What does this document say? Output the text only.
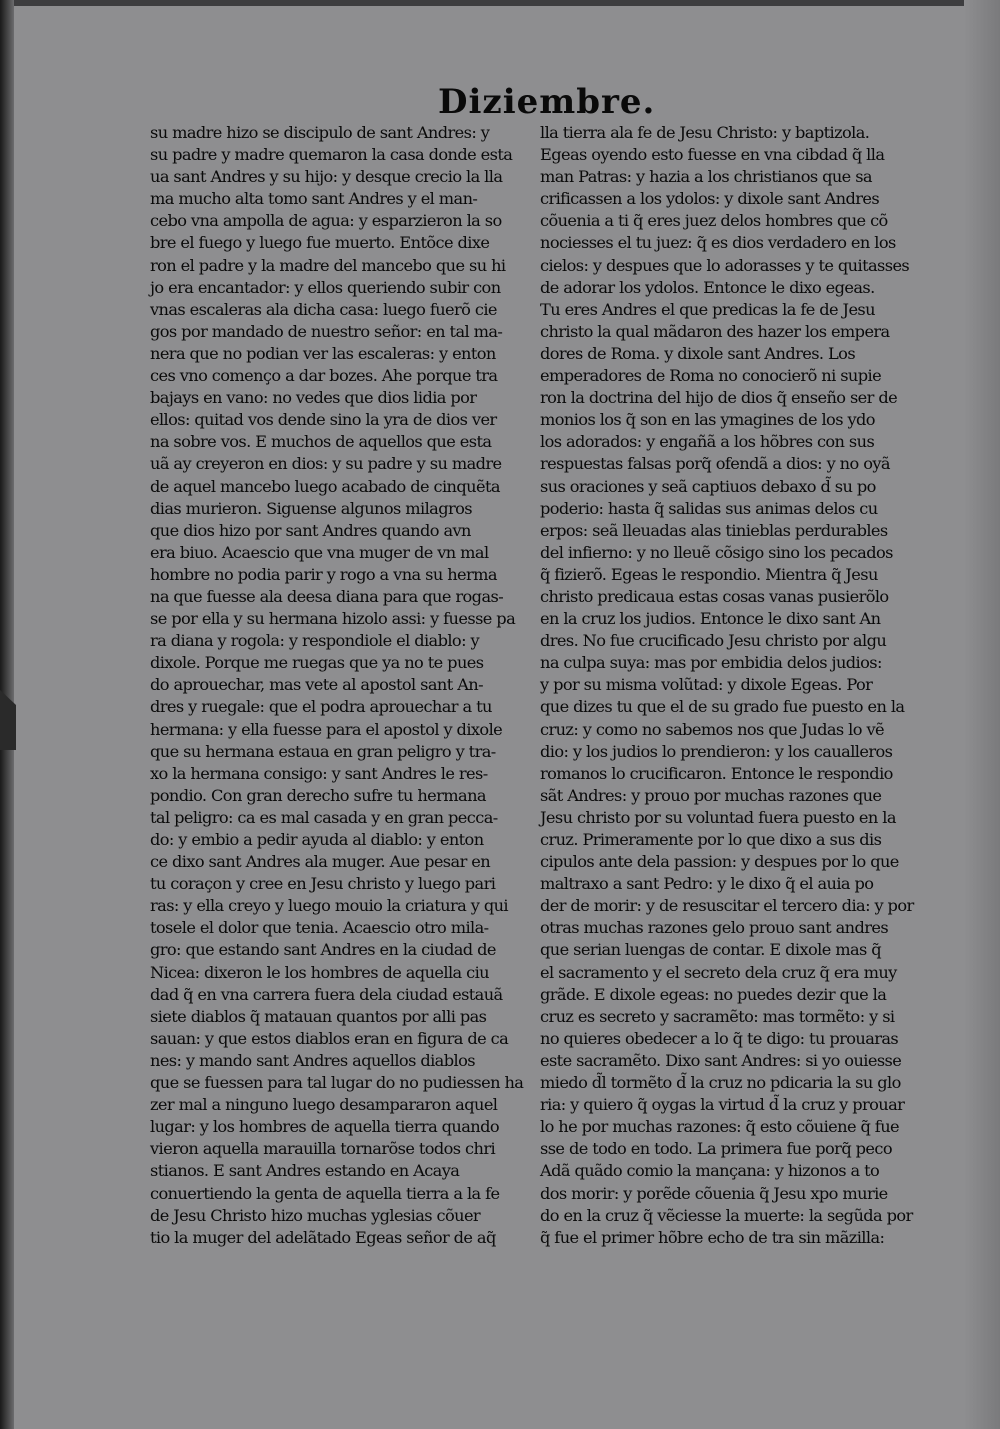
Diziembre.
su madre hizo se discipulo de sant Andres: y
su padre y madre quemaron la casa donde esta
ua sant Andres y su hijo: y desque crecio la lla
ma mucho alta tomo sant Andres y el man-
cebo vna ampolla de agua: y esparzieron la so
bre el fuego y luego fue muerto. Entõce dixe
ron el padre y la madre del mancebo que su hi
jo era encantador: y ellos queriendo subir con
vnas escaleras ala dicha casa: luego fuerõ cie
gos por mandado de nuestro señor: en tal ma-
nera que no podian ver las escaleras: y enton
ces vno començo a dar bozes. Ahe porque tra
bajays en vano: no vedes que dios lidia por
ellos: quitad vos dende sino la yra de dios ver
na sobre vos. E muchos de aquellos que esta
uã ay creyeron en dios: y su padre y su madre
de aquel mancebo luego acabado de cinquẽta
dias murieron. Siguense algunos milagros
que dios hizo por sant Andres quando avn
era biuo. Acaescio que vna muger de vn mal
hombre no podia parir y rogo a vna su herma
na que fuesse ala deesa diana para que rogas-
se por ella y su hermana hizolo assi: y fuesse pa
ra diana y rogola: y respondiole el diablo: y
dixole. Porque me ruegas que ya no te pues
do aprouechar, mas vete al apostol sant An-
dres y ruegale: que el podra aprouechar a tu
hermana: y ella fuesse para el apostol y dixole
que su hermana estaua en gran peligro y tra-
xo la hermana consigo: y sant Andres le res-
pondio. Con gran derecho sufre tu hermana
tal peligro: ca es mal casada y en gran pecca-
do: y embio a pedir ayuda al diablo: y enton
ce dixo sant Andres ala muger. Aue pesar en
tu coraçon y cree en Jesu christo y luego pari
ras: y ella creyo y luego mouio la criatura y qui
tosele el dolor que tenia. Acaescio otro mila-
gro: que estando sant Andres en la ciudad de
Nicea: dixeron le los hombres de aquella ciu
dad q̃ en vna carrera fuera dela ciudad estauã
siete diablos q̃ matauan quantos por alli pas
sauan: y que estos diablos eran en figura de ca
nes: y mando sant Andres aquellos diablos
que se fuessen para tal lugar do no pudiessen ha
zer mal a ninguno luego desampararon aquel
lugar: y los hombres de aquella tierra quando
vieron aquella marauilla tornarõse todos chri
stianos. E sant Andres estando en Acaya
conuertiendo la genta de aquella tierra a la fe
de Jesu Christo hizo muchas yglesias cõuer
tio la muger del adelãtado Egeas señor de aq̃
lla tierra ala fe de Jesu Christo: y baptizola.
Egeas oyendo esto fuesse en vna cibdad q̃ lla
man Patras: y hazia a los christianos que sa
crificassen a los ydolos: y dixole sant Andres
cõuenia a ti q̃ eres juez delos hombres que cõ
nociesses el tu juez: q̃ es dios verdadero en los
cielos: y despues que lo adorasses y te quitasses
de adorar los ydolos. Entonce le dixo egeas.
Tu eres Andres el que predicas la fe de Jesu
christo la qual mãdaron des hazer los empera
dores de Roma. y dixole sant Andres. Los
emperadores de Roma no conocierõ ni supie
ron la doctrina del hijo de dios q̃ enseño ser de
monios los q̃ son en las ymagines de los ydo
los adorados: y engañã a los hõbres con sus
respuestas falsas porq̃ ofendã a dios: y no oyã
sus oraciones y seã captiuos debaxo d̃ su po
poderio: hasta q̃ salidas sus animas delos cu
erpos: seã lleuadas alas tinieblas perdurables
del infierno: y no lleuẽ cõsigo sino los pecados
q̃ fizierõ. Egeas le respondio. Mientra q̃ Jesu
christo predicaua estas cosas vanas pusierõlo
en la cruz los judios. Entonce le dixo sant An
dres. No fue crucificado Jesu christo por algu
na culpa suya: mas por embidia delos judios:
y por su misma volũtad: y dixole Egeas. Por
que dizes tu que el de su grado fue puesto en la
cruz: y como no sabemos nos que Judas lo vẽ
dio: y los judios lo prendieron: y los caualleros
romanos lo crucificaron. Entonce le respondio
sãt Andres: y prouo por muchas razones que
Jesu christo por su voluntad fuera puesto en la
cruz. Primeramente por lo que dixo a sus dis
cipulos ante dela passion: y despues por lo que
maltraxo a sant Pedro: y le dixo q̃ el auia po
der de morir: y de resuscitar el tercero dia: y por
otras muchas razones gelo prouo sant andres
que serian luengas de contar. E dixole mas q̃
el sacramento y el secreto dela cruz q̃ era muy
grãde. E dixole egeas: no puedes dezir que la
cruz es secreto y sacramẽto: mas tormẽto: y si
no quieres obedecer a lo q̃ te digo: tu prouaras
este sacramẽto. Dixo sant Andres: si yo ouiesse
miedo d̃l tormẽto d̃ la cruz no pdicaria la su glo
ria: y quiero q̃ oygas la virtud d̃ la cruz y prouar
lo he por muchas razones: q̃ esto cõuiene q̃ fue
sse de todo en todo. La primera fue porq̃ peco
Adã quãdo comio la mançana: y hizonos a to
dos morir: y porẽde cõuenia q̃ Jesu xpo murie
do en la cruz q̃ vẽciesse la muerte: la segũda por
q̃ fue el primer hõbre echo de tra sin mãzilla:
